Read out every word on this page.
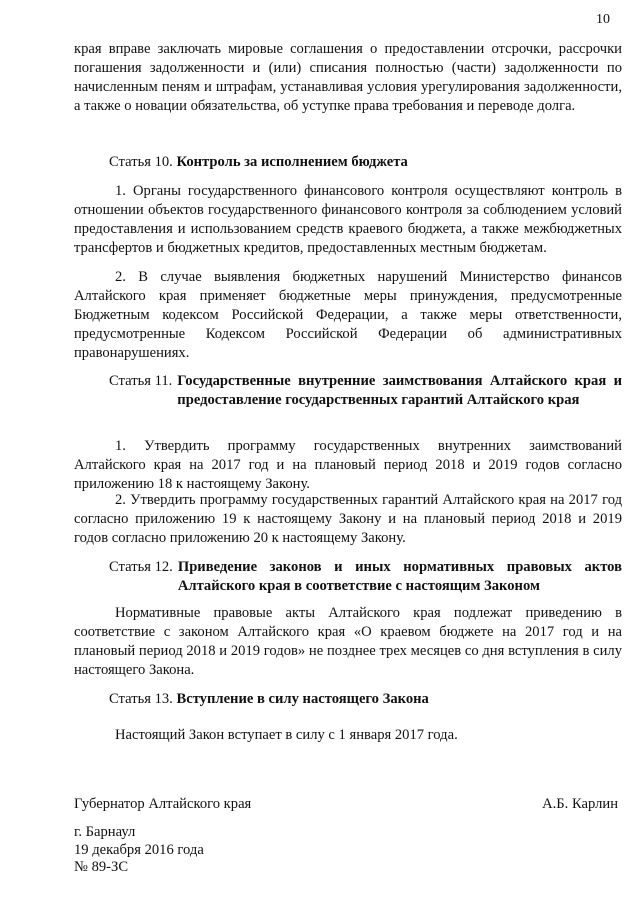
10

края вправе заключать мировые соглашения о предоставлении отсрочки, рассрочки погашения задолженности и (или) списания полностью (части) задолженности по начисленным пеням и штрафам, устанавливая условия урегулирования задолженности, а также о новации обязательства, об уступке права требования и переводе долга.

Статья 10. Контроль за исполнением бюджета

1. Органы государственного финансового контроля осуществляют контроль в отношении объектов государственного финансового контроля за соблюдением условий предоставления и использованием средств краевого бюджета, а также межбюджетных трансфертов и бюджетных кредитов, предоставленных местным бюджетам.

2. В случае выявления бюджетных нарушений Министерство финансов Алтайского края применяет бюджетные меры принуждения, предусмотренные Бюджетным кодексом Российской Федерации, а также меры ответственности, предусмотренные Кодексом Российской Федерации об административных правонарушениях.

Статья 11. Государственные внутренние заимствования Алтайского края и предоставление государственных гарантий Алтайского края

1. Утвердить программу государственных внутренних заимствований Алтайского края на 2017 год и на плановый период 2018 и 2019 годов согласно приложению 18 к настоящему Закону.

2. Утвердить программу государственных гарантий Алтайского края на 2017 год согласно приложению 19 к настоящему Закону и на плановый период 2018 и 2019 годов согласно приложению 20 к настоящему Закону.

Статья 12. Приведение законов и иных нормативных правовых актов Алтайского края в соответствие с настоящим Законом

Нормативные правовые акты Алтайского края подлежат приведению в соответствие с законом Алтайского края «О краевом бюджете на 2017 год и на плановый период 2018 и 2019 годов» не позднее трех месяцев со дня вступления в силу настоящего Закона.

Статья 13. Вступление в силу настоящего Закона

Настоящий Закон вступает в силу с 1 января 2017 года.

Губернатор Алтайского края	А.Б. Карлин
г. Барнаул
19 декабря 2016 года
№ 89-ЗС
